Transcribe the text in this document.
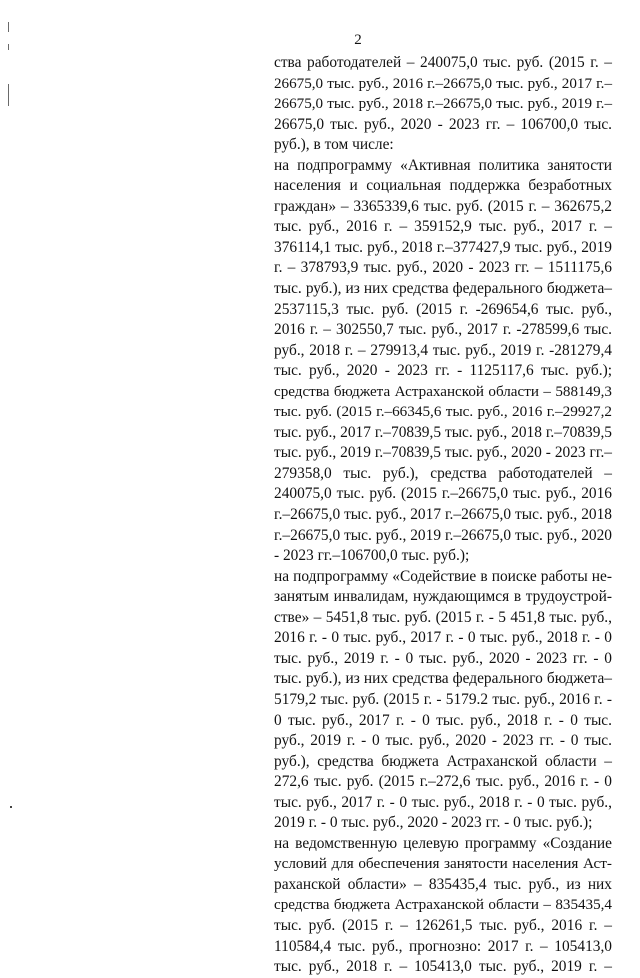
2
ства работодателей – 240075,0 тыс. руб. (2015 г. –
26675,0 тыс. руб., 2016 г.–26675,0 тыс. руб., 2017 г.–
26675,0 тыс. руб., 2018 г.–26675,0 тыс. руб., 2019 г.–
26675,0 тыс. руб., 2020 - 2023 гг. – 106700,0 тыс.
руб.), в том числе:
на подпрограмму «Активная политика занятости
населения и социальная поддержка безработных
граждан» – 3365339,6 тыс. руб. (2015 г. – 362675,2
тыс. руб., 2016 г. – 359152,9 тыс. руб., 2017 г. –
376114,1 тыс. руб., 2018 г.–377427,9 тыс. руб., 2019
г. – 378793,9 тыс. руб., 2020 - 2023 гг. – 1511175,6
тыс. руб.), из них средства федерального бюджета–
2537115,3 тыс. руб. (2015 г. -269654,6 тыс. руб.,
2016 г. – 302550,7 тыс. руб., 2017 г. -278599,6 тыс.
руб., 2018 г. – 279913,4 тыс. руб., 2019 г. -281279,4
тыс. руб., 2020 - 2023 гг. - 1125117,6 тыс. руб.);
средства бюджета Астраханской области – 588149,3
тыс. руб. (2015 г.–66345,6 тыс. руб., 2016 г.–29927,2
тыс. руб., 2017 г.–70839,5 тыс. руб., 2018 г.–70839,5
тыс. руб., 2019 г.–70839,5 тыс. руб., 2020 - 2023 гг.–
279358,0 тыс. руб.), средства работодателей –
240075,0 тыс. руб. (2015 г.–26675,0 тыс. руб., 2016
г.–26675,0 тыс. руб., 2017 г.–26675,0 тыс. руб., 2018
г.–26675,0 тыс. руб., 2019 г.–26675,0 тыс. руб., 2020
- 2023 гг.–106700,0 тыс. руб.);
на подпрограмму «Содействие в поиске работы не-
занятым инвалидам, нуждающимся в трудоустрой-
стве» – 5451,8 тыс. руб. (2015 г. - 5 451,8 тыс. руб.,
2016 г. - 0 тыс. руб., 2017 г. - 0 тыс. руб., 2018 г. - 0
тыс. руб., 2019 г. - 0 тыс. руб., 2020 - 2023 гг. - 0
тыс. руб.), из них средства федерального бюджета–
5179,2 тыс. руб. (2015 г. - 5179.2 тыс. руб., 2016 г. -
0 тыс. руб., 2017 г. - 0 тыс. руб., 2018 г. - 0 тыс.
руб., 2019 г. - 0 тыс. руб., 2020 - 2023 гг. - 0 тыс.
руб.), средства бюджета Астраханской области –
272,6 тыс. руб. (2015 г.–272,6 тыс. руб., 2016 г. - 0
тыс. руб., 2017 г. - 0 тыс. руб., 2018 г. - 0 тыс. руб.,
2019 г. - 0 тыс. руб., 2020 - 2023 гг. - 0 тыс. руб.);
на ведомственную целевую программу «Создание
условий для обеспечения занятости населения Аст-
раханской области» – 835435,4 тыс. руб., из них
средства бюджета Астраханской области – 835435,4
тыс. руб. (2015 г. – 126261,5 тыс. руб., 2016 г. –
110584,4 тыс. руб., прогнозно: 2017 г. – 105413,0
тыс. руб., 2018 г. – 105413,0 тыс. руб., 2019 г. –
